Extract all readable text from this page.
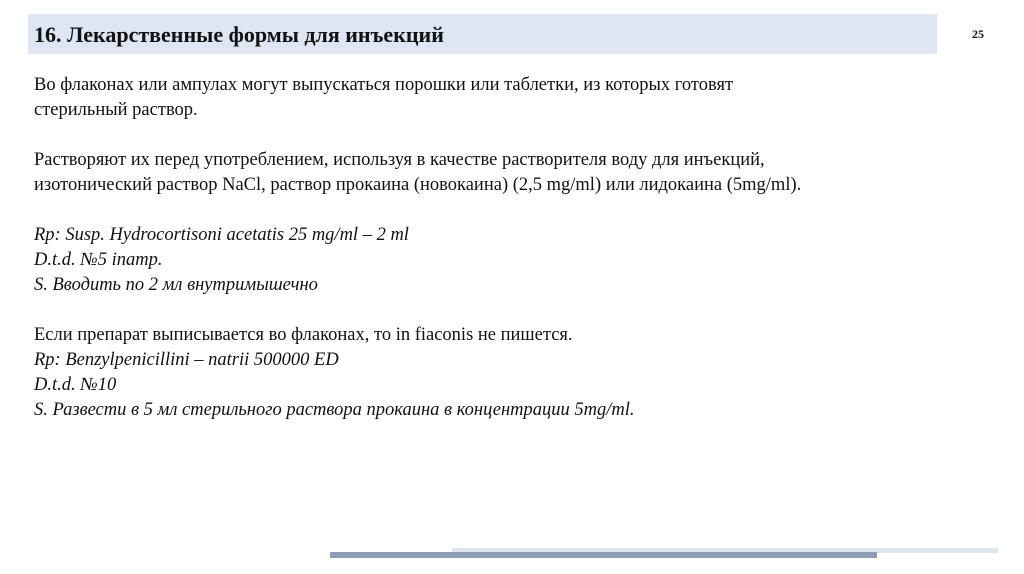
16. Лекарственные формы для инъекций	25
Во флаконах или ампулах могут выпускаться порошки или таблетки, из которых готовят
стерильный раствор.
Растворяют их перед употреблением, используя в качестве растворителя воду для инъекций,
изотонический раствор NaCl, раствор прокаина (новокаина) (2,5 mg/ml) или лидокаина (5mg/ml).
Rp: Susp. Hydrocortisoni acetatis 25 mg/ml – 2 ml
D.t.d. №5 inamp.
S. Вводить по 2 мл внутримышечно
Если препарат выписывается во флаконах, то in fiaconis не пишется.
Rp: Benzylpenicillini – natrii 500000 ED
D.t.d. №10
S. Развести в 5 мл стерильного раствора прокаина в концентрации 5mg/ml.
